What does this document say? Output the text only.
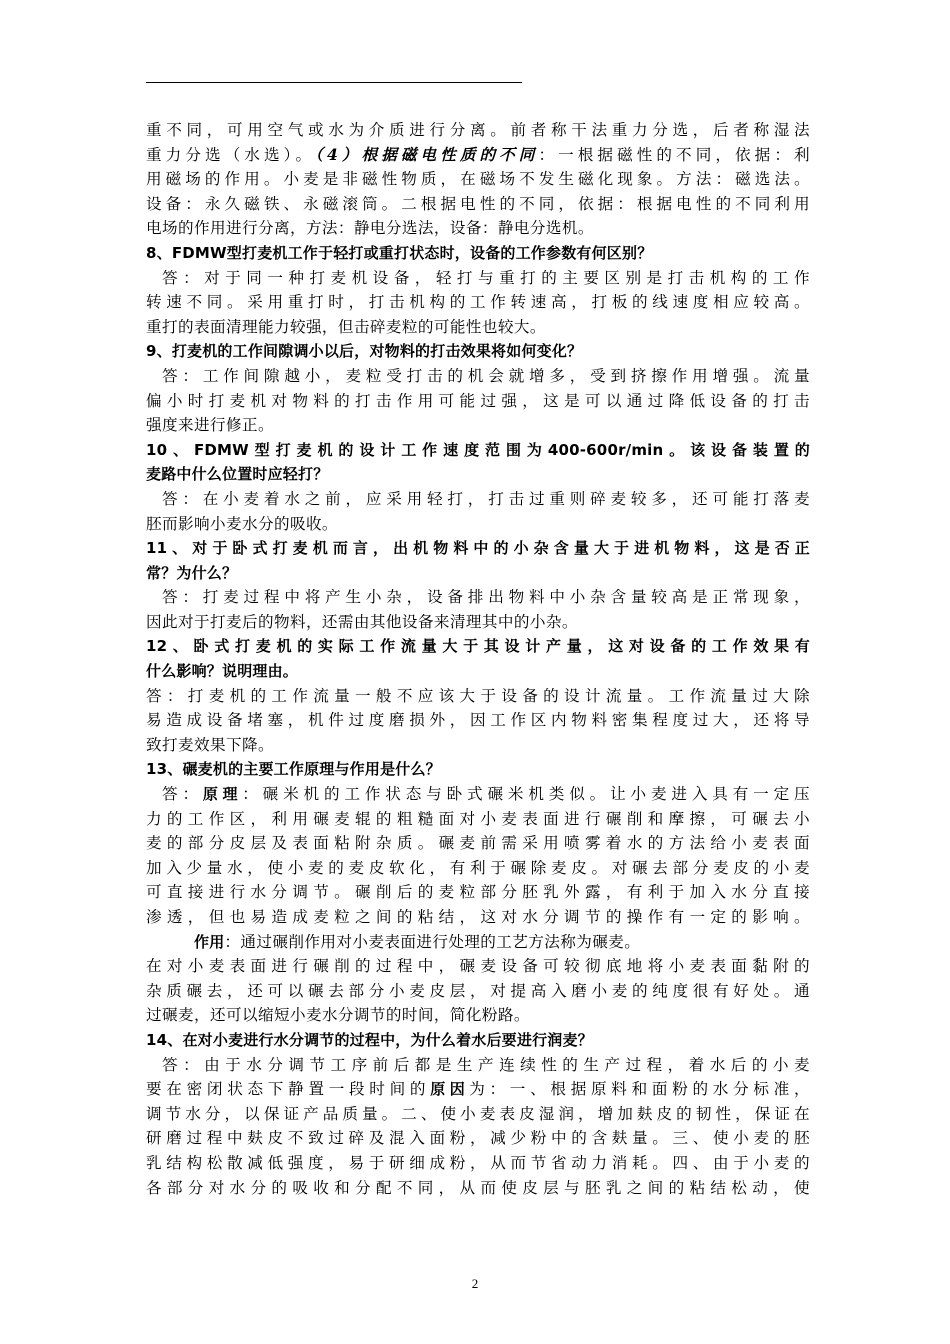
重不同，可用空气或水为介质进行分离。前者称干法重力分选，后者称湿法
重力分选（水选）。（4）根据磁电性质的不同：一根据磁性的不同，依据：利
用磁场的作用。小麦是非磁性物质，在磁场不发生磁化现象。方法：磁选法。
设备：永久磁铁、永磁滚筒。二根据电性的不同，依据：根据电性的不同利用
电场的作用进行分离，方法：静电分选法，设备：静电分选机。
8、FDMW型打麦机工作于轻打或重打状态时，设备的工作参数有何区别？
答：对于同一种打麦机设备，轻打与重打的主要区别是打击机构的工作
转速不同。采用重打时，打击机构的工作转速高，打板的线速度相应较高。
重打的表面清理能力较强，但击碎麦粒的可能性也较大。
9、打麦机的工作间隙调小以后，对物料的打击效果将如何变化？
答：工作间隙越小，麦粒受打击的机会就增多，受到挤擦作用增强。流量
偏小时打麦机对物料的打击作用可能过强，这是可以通过降低设备的打击
强度来进行修正。
10、FDMW型打麦机的设计工作速度范围为400-600r/min。该设备装置的
麦路中什么位置时应轻打？
答：在小麦着水之前，应采用轻打，打击过重则碎麦较多，还可能打落麦
胚而影响小麦水分的吸收。
11、对于卧式打麦机而言，出机物料中的小杂含量大于进机物料，这是否正
常？为什么？
答：打麦过程中将产生小杂，设备排出物料中小杂含量较高是正常现象，
因此对于打麦后的物料，还需由其他设备来清理其中的小杂。
12、卧式打麦机的实际工作流量大于其设计产量，这对设备的工作效果有
什么影响？说明理由。
答：打麦机的工作流量一般不应该大于设备的设计流量。工作流量过大除
易造成设备堵塞，机件过度磨损外，因工作区内物料密集程度过大，还将导
致打麦效果下降。
13、碾麦机的主要工作原理与作用是什么？
答：原理：碾米机的工作状态与卧式碾米机类似。让小麦进入具有一定压
力的工作区，利用碾麦辊的粗糙面对小麦表面进行碾削和摩擦，可碾去小
麦的部分皮层及表面粘附杂质。碾麦前需采用喷雾着水的方法给小麦表面
加入少量水，使小麦的麦皮软化，有利于碾除麦皮。对碾去部分麦皮的小麦
可直接进行水分调节。碾削后的麦粒部分胚乳外露，有利于加入水分直接
渗透，但也易造成麦粒之间的粘结，这对水分调节的操作有一定的影响。
作用：通过碾削作用对小麦表面进行处理的工艺方法称为碾麦。
在对小麦表面进行碾削的过程中，碾麦设备可较彻底地将小麦表面黏附的
杂质碾去，还可以碾去部分小麦皮层，对提高入磨小麦的纯度很有好处。通
过碾麦，还可以缩短小麦水分调节的时间，简化粉路。
14、在对小麦进行水分调节的过程中，为什么着水后要进行润麦？
答：由于水分调节工序前后都是生产连续性的生产过程，着水后的小麦
要在密闭状态下静置一段时间的原因为：一、根据原料和面粉的水分标准，
调节水分，以保证产品质量。二、使小麦表皮湿润，增加麸皮的韧性，保证在
研磨过程中麸皮不致过碎及混入面粉，减少粉中的含麸量。三、使小麦的胚
乳结构松散减低强度，易于研细成粉，从而节省动力消耗。四、由于小麦的
各部分对水分的吸收和分配不同，从而使皮层与胚乳之间的粘结松动，使
2
